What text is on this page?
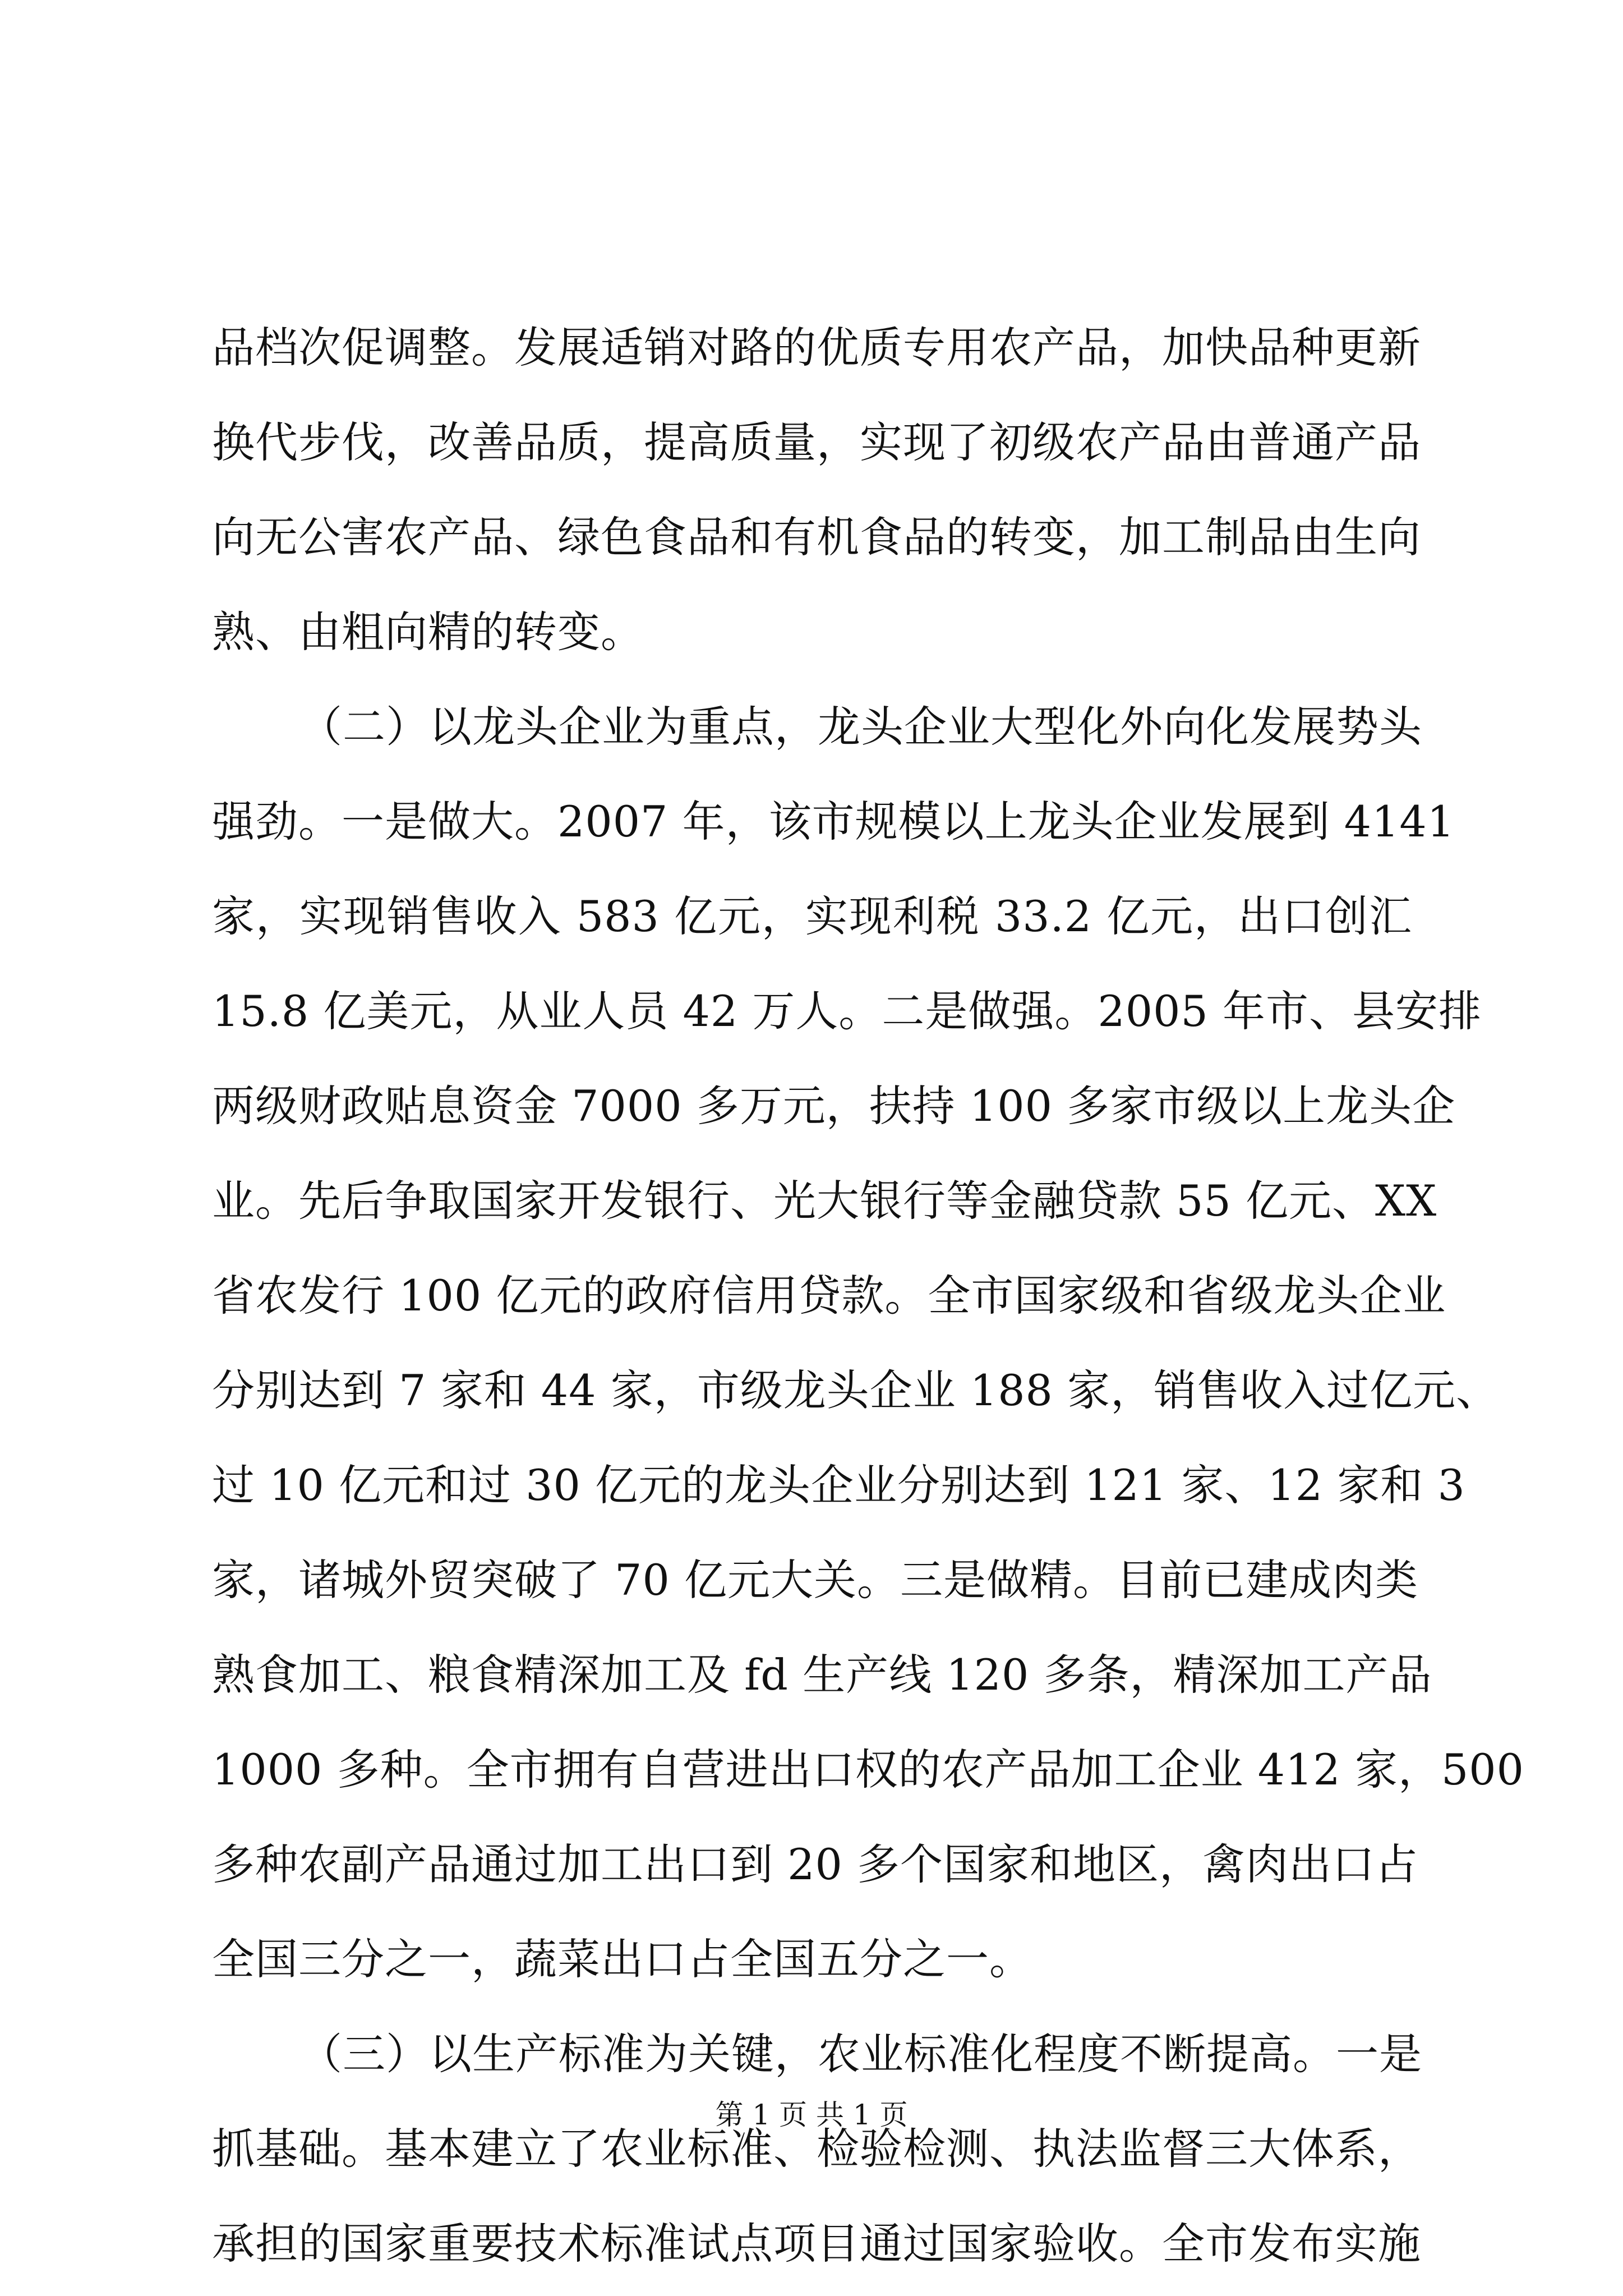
品档次促调整。发展适销对路的优质专用农产品，加快品种更新
换代步伐，改善品质，提高质量，实现了初级农产品由普通产品
向无公害农产品、绿色食品和有机食品的转变，加工制品由生向
熟、由粗向精的转变。
（二）以龙头企业为重点，龙头企业大型化外向化发展势头
强劲。一是做大。2007 年，该市规模以上龙头企业发展到 4141
家，实现销售收入 583 亿元，实现利税 33.2 亿元，出口创汇
15.8 亿美元，从业人员 42 万人。二是做强。2005 年市、县安排
两级财政贴息资金 7000 多万元，扶持 100 多家市级以上龙头企
业。先后争取国家开发银行、光大银行等金融贷款 55 亿元、XX
省农发行 100 亿元的政府信用贷款。全市国家级和省级龙头企业
分别达到 7 家和 44 家，市级龙头企业 188 家，销售收入过亿元、
过 10 亿元和过 30 亿元的龙头企业分别达到 121 家、12 家和 3
家，诸城外贸突破了 70 亿元大关。三是做精。目前已建成肉类
熟食加工、粮食精深加工及 fd 生产线 120 多条，精深加工产品
1000 多种。全市拥有自营进出口权的农产品加工企业 412 家，500
多种农副产品通过加工出口到 20 多个国家和地区，禽肉出口占
全国三分之一，蔬菜出口占全国五分之一。
（三）以生产标准为关键，农业标准化程度不断提高。一是
抓基础。基本建立了农业标准、检验检测、执法监督三大体系，
承担的国家重要技术标准试点项目通过国家验收。全市发布实施
第 1 页 共 1 页
